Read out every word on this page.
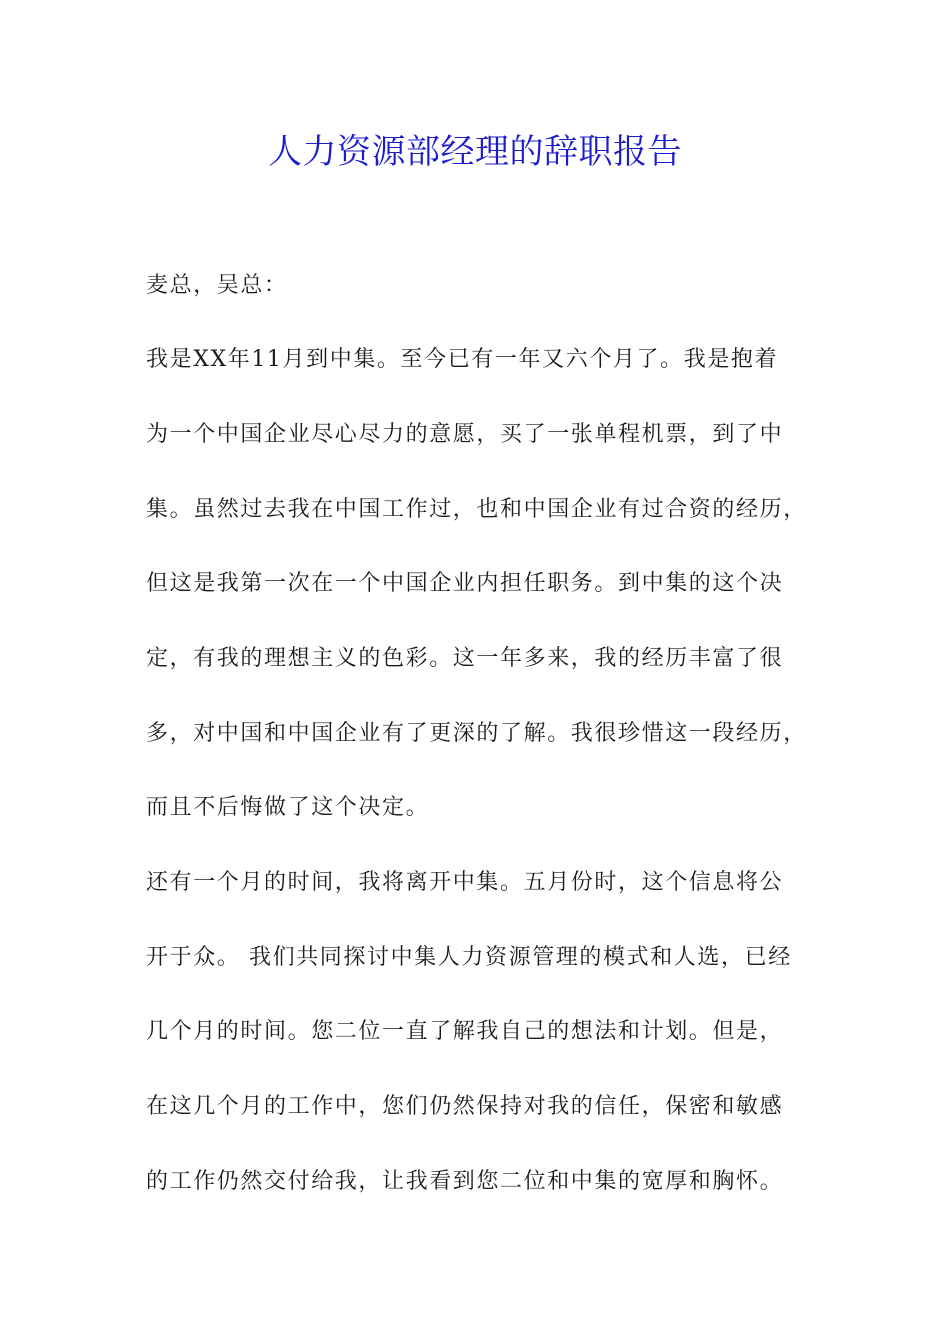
人力资源部经理的辞职报告
麦总，吴总：
我是XX年11月到中集。至今已有一年又六个月了。我是抱着
为一个中国企业尽心尽力的意愿，买了一张单程机票，到了中
集。虽然过去我在中国工作过，也和中国企业有过合资的经历，
但这是我第一次在一个中国企业内担任职务。到中集的这个决
定，有我的理想主义的色彩。这一年多来，我的经历丰富了很
多，对中国和中国企业有了更深的了解。我很珍惜这一段经历，
而且不后悔做了这个决定。
还有一个月的时间，我将离开中集。五月份时，这个信息将公
开于众。 我们共同探讨中集人力资源管理的模式和人选，已经
几个月的时间。您二位一直了解我自己的想法和计划。但是，
在这几个月的工作中，您们仍然保持对我的信任，保密和敏感
的工作仍然交付给我，让我看到您二位和中集的宽厚和胸怀。
